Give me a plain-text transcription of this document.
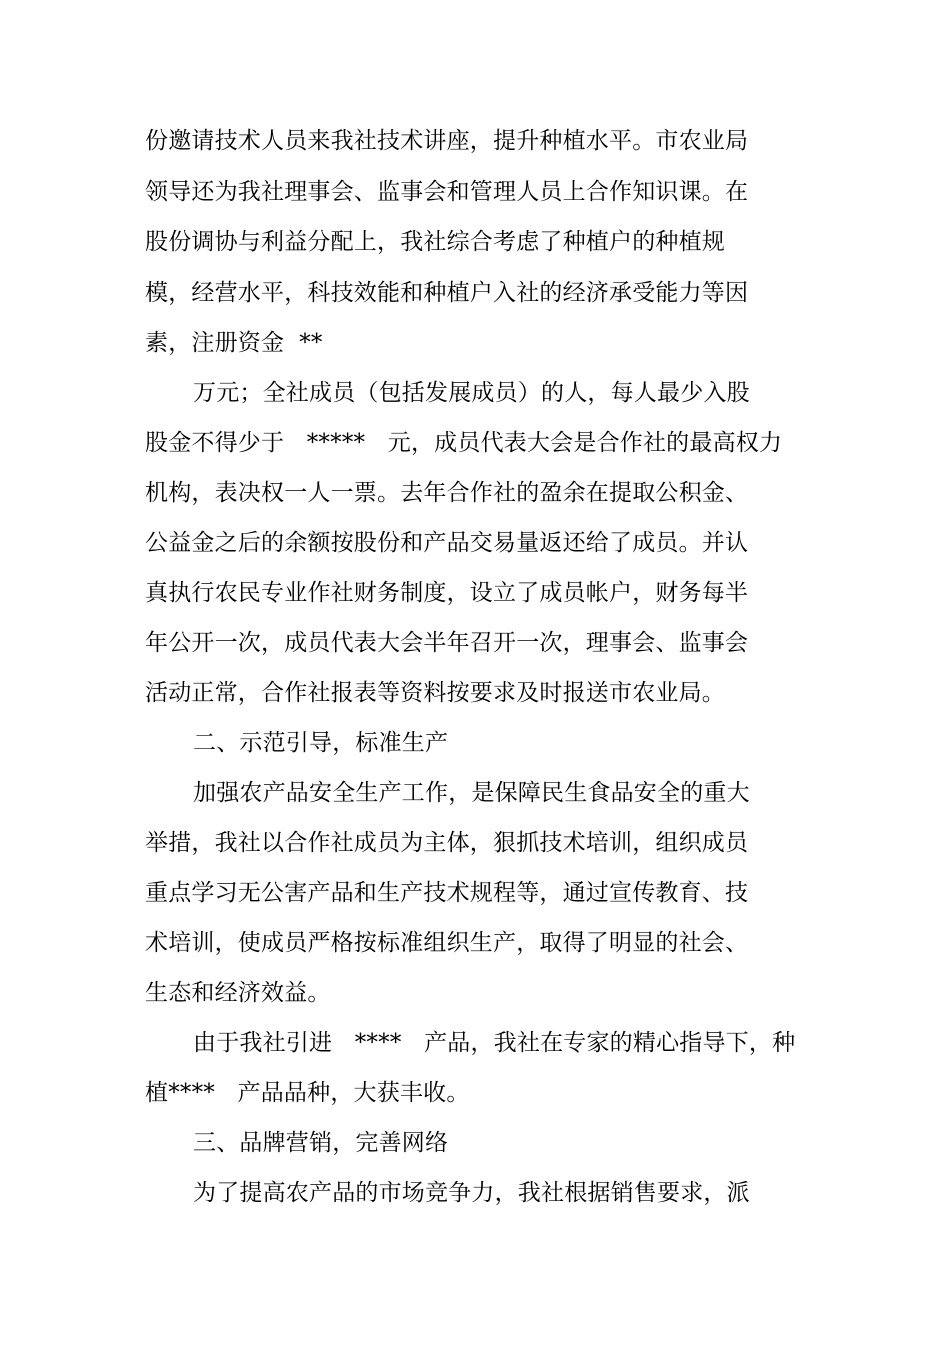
份邀请技术人员来我社技术讲座，提升种植水平。市农业局
领导还为我社理事会、监事会和管理人员上合作知识课。在
股份调协与利益分配上，我社综合考虑了种植户的种植规
模，经营水平，科技效能和种植户入社的经济承受能力等因
素，注册资金  **
万元；全社成员（包括发展成员）的人，每人最少入股
股金不得少于   *****   元，成员代表大会是合作社的最高权力
机构，表决权一人一票。去年合作社的盈余在提取公积金、
公益金之后的余额按股份和产品交易量返还给了成员。并认
真执行农民专业作社财务制度，设立了成员帐户，财务每半
年公开一次，成员代表大会半年召开一次，理事会、监事会
活动正常，合作社报表等资料按要求及时报送市农业局。
二、示范引导，标准生产
加强农产品安全生产工作，是保障民生食品安全的重大
举措，我社以合作社成员为主体，狠抓技术培训，组织成员
重点学习无公害产品和生产技术规程等，通过宣传教育、技
术培训，使成员严格按标准组织生产，取得了明显的社会、
生态和经济效益。
由于我社引进   ****   产品，我社在专家的精心指导下，种
植****   产品品种，大获丰收。
三、品牌营销，完善网络
为了提高农产品的市场竞争力，我社根据销售要求，派
